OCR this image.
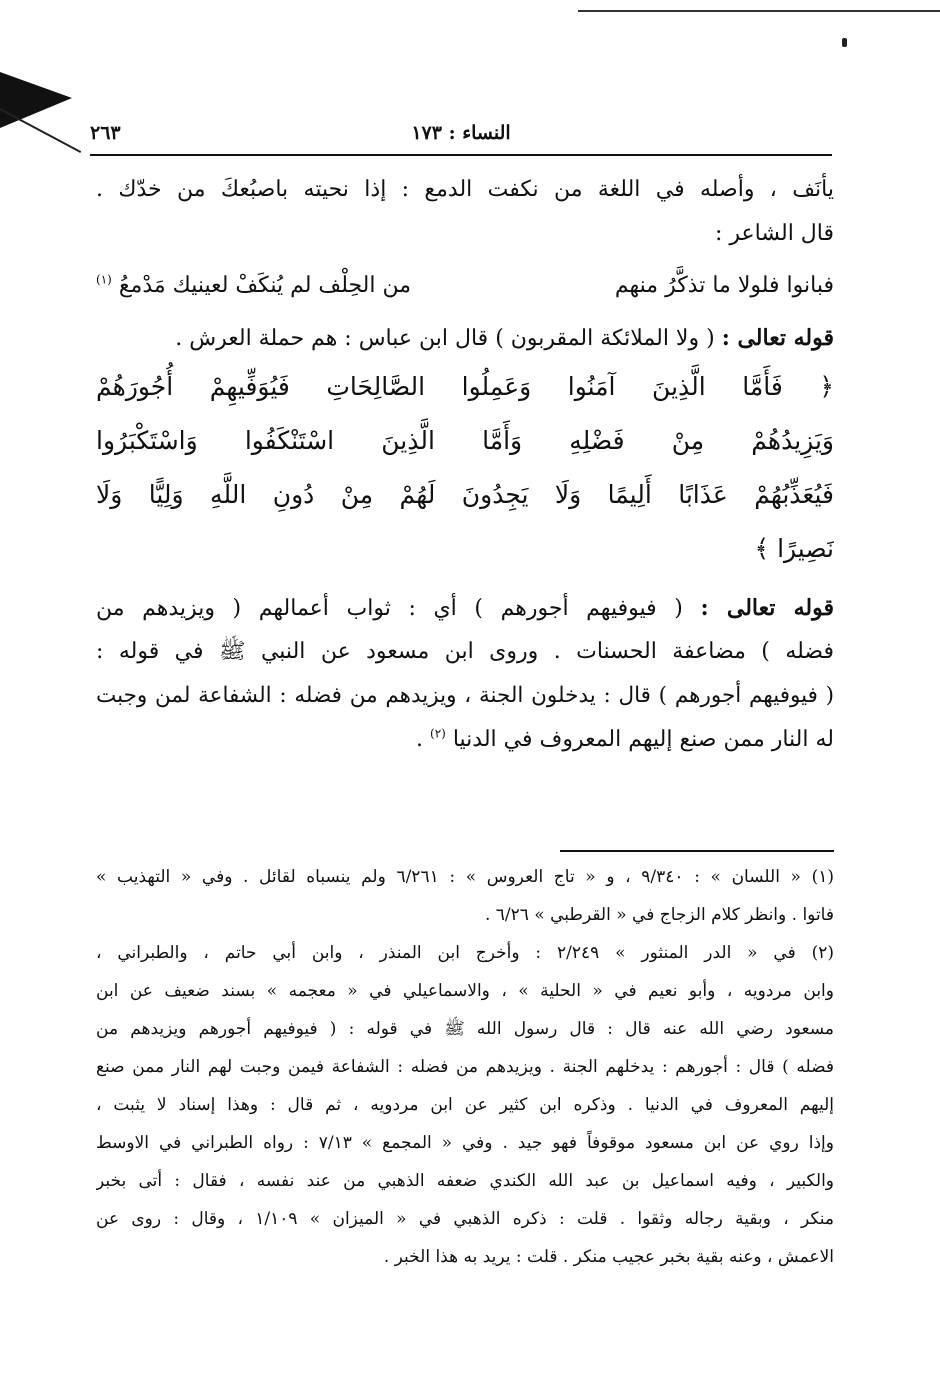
النساء : ١٧٣
٢٦٣
يأنَف ، وأصله في اللغة من نكفت الدمع : إذا نحيته باصبُعكَ من خدّك .
قال الشاعر :
فبانوا فلولا ما تذكَّرُ منهم
من الحِلْف لم يُنكَفْ لعينيك مَدْمعُ $^{(١)}$
قوله تعالى : ( ولا الملائكة المقربون ) قال ابن عباس : هم حملة العرش .
﴿ فَأَمَّا الَّذِينَ آمَنُوا وَعَمِلُوا الصَّالِحَاتِ فَيُوَفِّيهِمْ أُجُورَهُمْ
وَيَزِيدُهُمْ مِنْ فَضْلِهِ وَأَمَّا الَّذِينَ اسْتَنْكَفُوا وَاسْتَكْبَرُوا
فَيُعَذِّبُهُمْ عَذَابًا أَلِيمًا وَلَا يَجِدُونَ لَهُمْ مِنْ دُونِ اللَّهِ وَلِيًّا وَلَا
نَصِيرًا ﴾
قوله تعالى : ( فيوفيهم أجورهم ) أي : ثواب أعمالهم ( ويزيدهم من
فضله ) مضاعفة الحسنات . وروى ابن مسعود عن النبي ﷺ في قوله :
( فيوفيهم أجورهم ) قال : يدخلون الجنة ، ويزيدهم من فضله : الشفاعة لمن وجبت
له النار ممن صنع إليهم المعروف في الدنيا $^{(٢)}$ .
(١) « اللسان » : ٩/٣٤٠ ، و « تاج العروس » : ٦/٢٦١ ولم ينسباه لقائل . وفي « التهذيب »
فاتوا . وانظر كلام الزجاج في « القرطبي » ٦/٢٦ .
(٢) في « الدر المنثور » ٢/٢٤٩ : وأخرج ابن المنذر ، وابن أبي حاتم ، والطبراني ،
وابن مردويه ، وأبو نعيم في « الحلية » ، والاسماعيلي في « معجمه » بسند ضعيف عن ابن
مسعود رضي الله عنه قال : قال رسول الله ﷺ في قوله : ( فيوفيهم أجورهم ويزيدهم من
فضله ) قال : أجورهم : يدخلهم الجنة . ويزيدهم من فضله : الشفاعة فيمن وجبت لهم النار ممن صنع
إليهم المعروف في الدنيا . وذكره ابن كثير عن ابن مردويه ، ثم قال : وهذا إسناد لا يثبت ،
وإذا روي عن ابن مسعود موقوفاً فهو جيد . وفي « المجمع » ٧/١٣ : رواه الطبراني في الاوسط
والكبير ، وفيه اسماعيل بن عبد الله الكندي ضعفه الذهبي من عند نفسه ، فقال : أتى بخبر
منكر ، وبقية رجاله وثقوا . قلت : ذكره الذهبي في « الميزان » ١/١٠٩ ، وقال : روى عن
الاعمش ، وعنه بقية بخبر عجيب منكر . قلت : يريد به هذا الخبر .
